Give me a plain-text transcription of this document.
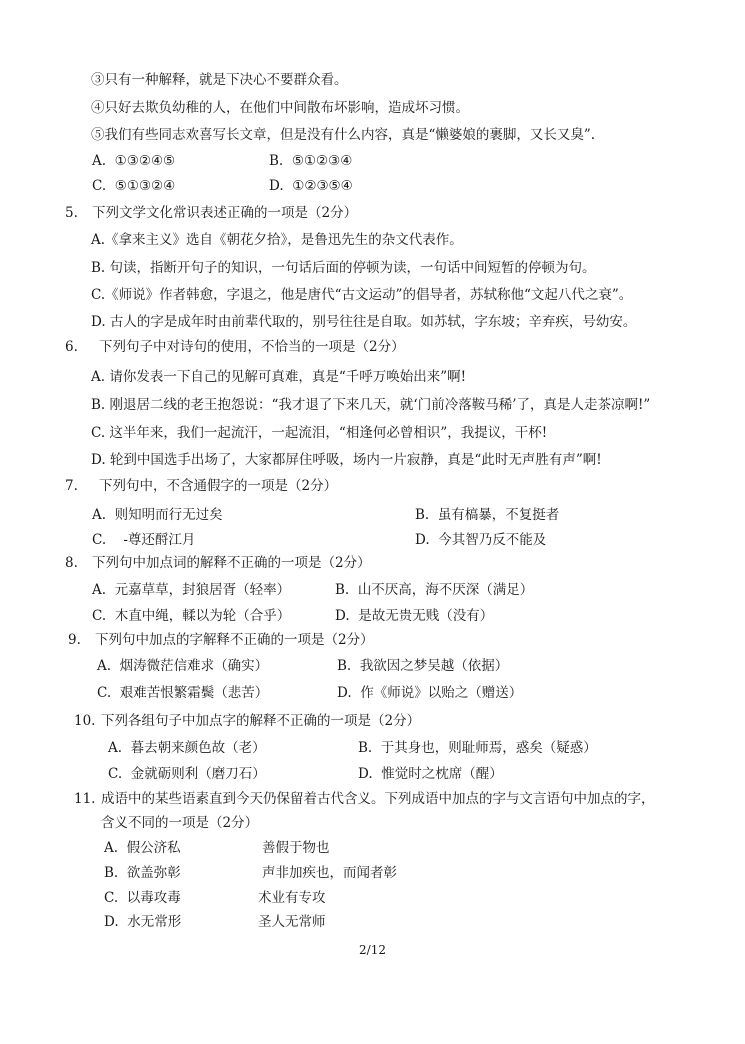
③只有一种解释，就是下决心不要群众看。
④只好去欺负幼稚的人，在他们中间散布坏影响，造成坏习惯。
⑤我们有些同志欢喜写长文章，但是没有什么内容，真是“懒婆娘的裹脚，又长又臭”.
A. ①③②④⑤	B. ⑤①②③④
C. ⑤①③②④	D. ①②③⑤④
5. 下列文学文化常识表述正确的一项是（2分）
A.《拿来主义》选自《朝花夕拾》，是鲁迅先生的杂文代表作。
B. 句读，指断开句子的知识，一句话后面的停顿为读，一句话中间短暂的停顿为句。
C.《师说》作者韩愈，字退之，他是唐代“古文运动”的倡导者，苏轼称他“文起八代之衰”。
D. 古人的字是成年时由前辈代取的，别号往往是自取。如苏轼，字东坡；辛弃疾，号幼安。
6. 下列句子中对诗句的使用，不恰当的一项是（2分）
A. 请你发表一下自己的见解可真难，真是“千呼万唤始出来”啊!
B. 刚退居二线的老王抱怨说：“我才退了下来几天，就‘门前冷落鞍马稀’了，真是人走茶凉啊!”
C. 这半年来，我们一起流汗，一起流泪，“相逢何必曾相识”，我提议，干杯!
D. 轮到中国选手出场了，大家都屏住呼吸，场内一片寂静，真是“此时无声胜有声”啊!
7. 下列句中，不含通假字的一项是（2分）
A. 则知明而行无过矣	B. 虽有槁暴，不复挺者
C. -尊还酹江月	D. 今其智乃反不能及
8. 下列句中加点词的解释不正确的一项是（2分）
A. 元嘉草草，封狼居胥（轻率）	B. 山不厌高，海不厌深（满足）
C. 木直中绳，輮以为轮（合乎）	D. 是故无贵无贱（没有）
9. 下列句中加点的字解释不正确的一项是（2分）
A. 烟涛微茫信难求（确实）	B. 我欲因之梦吴越（依据）
C. 艰难苦恨繁霜鬓（悲苦）	D. 作《师说》以贻之（赠送）
10. 下列各组句子中加点字的解释不正确的一项是（2分）
A. 暮去朝来颜色故（老）	B. 于其身也，则耻师焉，惑矣（疑惑）
C. 金就砺则利（磨刀石）	D. 惟觉时之枕席（醒）
11. 成语中的某些语素直到今天仍保留着古代含义。下列成语中加点的字与文言语句中加点的字，
含义不同的一项是（2分）
A. 假公济私	善假于物也
B. 欲盖弥彰	声非加疾也，而闻者彰
C. 以毒攻毒	术业有专攻
D. 水无常形	圣人无常师
2/12
